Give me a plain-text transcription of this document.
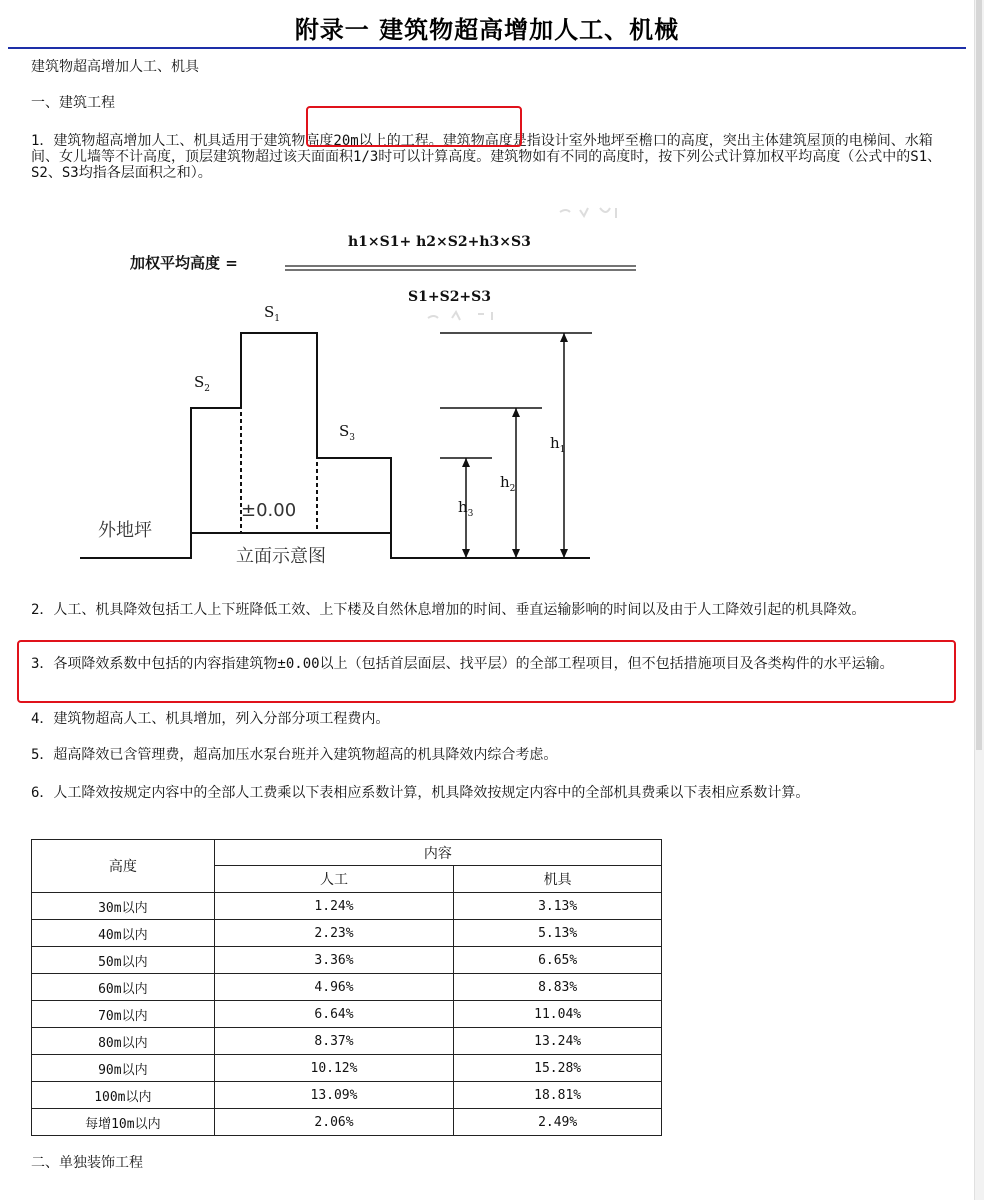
附录一 建筑物超高增加人工、机械
建筑物超高增加人工、机具
一、建筑工程
1．建筑物超高增加人工、机具适用于建筑物高度20m以上的工程。建筑物高度是指设计室外地坪至檐口的高度，突出主体建筑屋顶的电梯间、水箱间、女儿墙等不计高度，顶层建筑物超过该天面面积1/3时可以计算高度。建筑物如有不同的高度时，按下列公式计算加权平均高度（公式中的S1、S2、S3均指各层面积之和）。
加权平均高度 =
h1×S1+ h2×S2+h3×S3
S1+S2+S3
$S_1$
$S_2$
$S_3$	$h_1$
$h_2$
$h_3$
±0.00
外地坪
立面示意图
2．人工、机具降效包括工人上下班降低工效、上下楼及自然休息增加的时间、垂直运输影响的时间以及由于人工降效引起的机具降效。
3．各项降效系数中包括的内容指建筑物±0.00以上（包括首层面层、找平层）的全部工程项目，但不包括措施项目及各类构件的水平运输。
4．建筑物超高人工、机具增加，列入分部分项工程费内。
5．超高降效已含管理费，超高加压水泵台班并入建筑物超高的机具降效内综合考虑。
6．人工降效按规定内容中的全部人工费乘以下表相应系数计算，机具降效按规定内容中的全部机具费乘以下表相应系数计算。
高度	内容	
	人工	机具
30m以内	1.24%	3.13%
40m以内	2.23%	5.13%
50m以内	3.36%	6.65%
60m以内	4.96%	8.83%
70m以内	6.64%	11.04%
80m以内	8.37%	13.24%
90m以内	10.12%	15.28%
100m以内	13.09%	18.81%
每增10m以内	2.06%	2.49%
二、单独装饰工程
